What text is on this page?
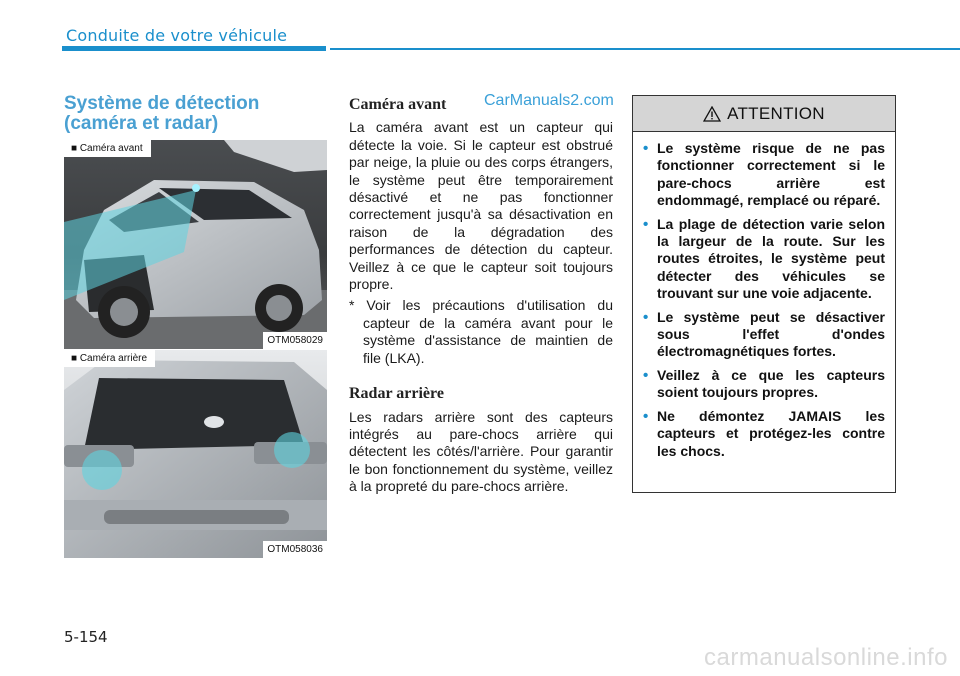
Conduite de votre véhicule
Système de détection (caméra et radar)
■ Caméra avant
OTM058029
■ Caméra arrière
OTM058036
CarManuals2.com
Caméra avant

La caméra avant est un capteur qui détecte la voie. Si le capteur est obstrué par neige, la pluie ou des corps étrangers, le système peut être temporairement désactivé et ne pas fonctionner correctement jusqu'à sa désactivation en raison de la dégradation des performances de détection du capteur. Veillez à ce que le capteur soit toujours propre.

* Voir les précautions d'utilisation du capteur de la caméra avant pour le système d'assistance de maintien de file (LKA).

Radar arrière

Les radars arrière sont des capteurs intégrés au pare-chocs arrière qui détectent les côtés/l'arrière. Pour garantir le bon fonctionnement du système, veillez à la propreté du pare-chocs arrière.

ATTENTION
• Le système risque de ne pas fonctionner correctement si le pare-chocs arrière est endommagé, remplacé ou réparé.
• La plage de détection varie selon la largeur de la route. Sur les routes étroites, le système peut détecter des véhicules se trouvant sur une voie adjacente.
• Le système peut se désactiver sous l'effet d'ondes électromagnétiques fortes.
• Veillez à ce que les capteurs soient toujours propres.
• Ne démontez JAMAIS les capteurs et protégez-les contre les chocs.
5-154
carmanualsonline.info
